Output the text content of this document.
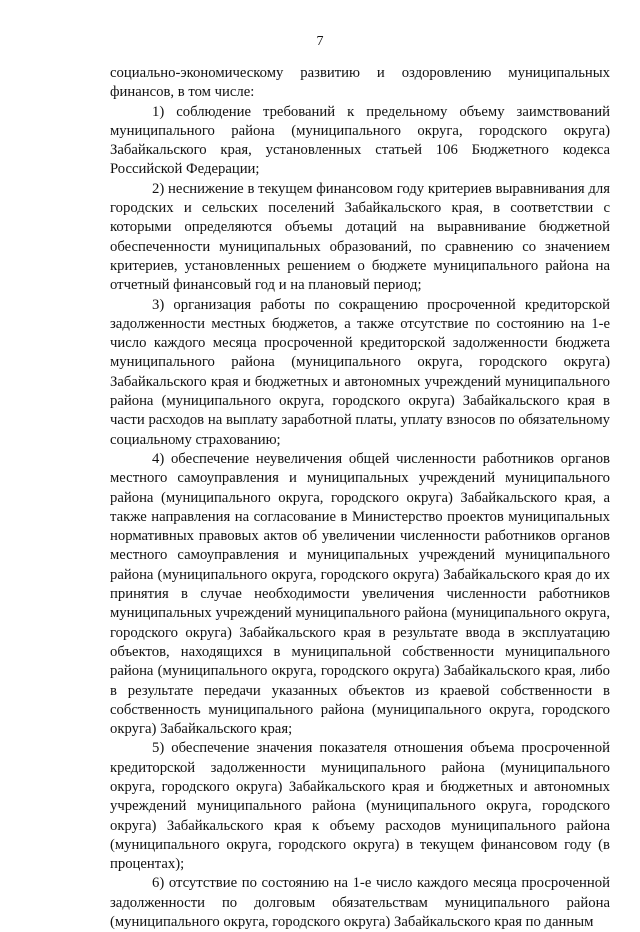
7

социально-экономическому развитию и оздоровлению муниципальных финансов, в том числе:

1) соблюдение требований к предельному объему заимствований муниципального района (муниципального округа, городского округа) Забайкальского края, установленных статьей 106 Бюджетного кодекса Российской Федерации;

2) неснижение в текущем финансовом году критериев выравнивания для городских и сельских поселений Забайкальского края, в соответствии с которыми определяются объемы дотаций на выравнивание бюджетной обеспеченности муниципальных образований, по сравнению со значением критериев, установленных решением о бюджете муниципального района на отчетный финансовый год и на плановый период;

3) организация работы по сокращению просроченной кредиторской задолженности местных бюджетов, а также отсутствие по состоянию на 1-е число каждого месяца просроченной кредиторской задолженности бюджета муниципального района (муниципального округа, городского округа) Забайкальского края и бюджетных и автономных учреждений муниципального района (муниципального округа, городского округа) Забайкальского края в части расходов на выплату заработной платы, уплату взносов по обязательному социальному страхованию;

4) обеспечение неувеличения общей численности работников органов местного самоуправления и муниципальных учреждений муниципального района (муниципального округа, городского округа) Забайкальского края, а также направления на согласование в Министерство проектов муниципальных нормативных правовых актов об увеличении численности работников органов местного самоуправления и муниципальных учреждений муниципального района (муниципального округа, городского округа) Забайкальского края до их принятия в случае необходимости увеличения численности работников муниципальных учреждений муниципального района (муниципального округа, городского округа) Забайкальского края в результате ввода в эксплуатацию объектов, находящихся в муниципальной собственности муниципального района (муниципального округа, городского округа) Забайкальского края, либо в результате передачи указанных объектов из краевой собственности в собственность муниципального района (муниципального округа, городского округа) Забайкальского края;

5) обеспечение значения показателя отношения объема просроченной кредиторской задолженности муниципального района (муниципального округа, городского округа) Забайкальского края и бюджетных и автономных учреждений муниципального района (муниципального округа, городского округа) Забайкальского края к объему расходов муниципального района (муниципального округа, городского округа) в текущем финансовом году (в процентах);

6) отсутствие по состоянию на 1-е число каждого месяца просроченной задолженности по долговым обязательствам муниципального района (муниципального округа, городского округа) Забайкальского края по данным
